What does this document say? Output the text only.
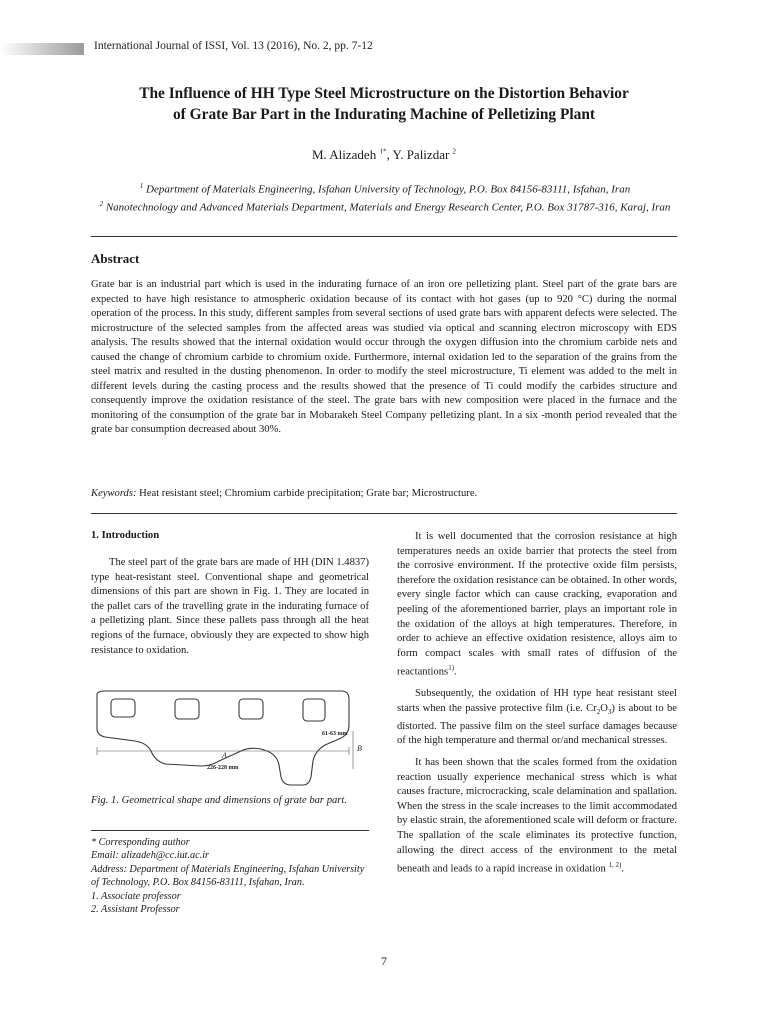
International Journal of ISSI, Vol. 13 (2016), No. 2, pp. 7-12
The Influence of HH Type Steel Microstructure on the Distortion Behavior
of Grate Bar Part in the Indurating Machine of Pelletizing Plant
M. Alizadeh $^{1*}$, Y. Palizdar $^2$
$^1$ Department of Materials Engineering, Isfahan University of Technology, P.O. Box 84156-83111, Isfahan, Iran
$^2$ Nanotechnology and Advanced Materials Department, Materials and Energy Research Center, P.O. Box 31787-316, Karaj, Iran
Abstract
Grate bar is an industrial part which is used in the indurating furnace of an iron ore pelletizing plant. Steel part of the grate bars are expected to have high resistance to atmospheric oxidation because of its contact with hot gases (up to 920 °C) during the normal operation of the process. In this study, different samples from several sections of used grate bars with apparent defects were selected. The microstructure of the selected samples from the affected areas was studied via optical and scanning electron microscopy with EDS analysis. The results showed that the internal oxidation would occur through the oxygen diffusion into the chromium carbide nets and caused the change of chromium carbide to chromium oxide. Furthermore, internal oxidation led to the separation of the grains from the steel matrix and resulted in the dusting phenomenon. In order to modify the steel microstructure, Ti element was added to the melt in different levels during the casting process and the results showed that the presence of Ti could modify the carbides structure and consequently improve the oxidation resistance of the steel. The grate bars with new composition were placed in the furnace and the monitoring of the consumption of the grate bar in Mobarakeh Steel Company pelletizing plant. In a six -month period revealed that the grate bar consumption decreased about 30%.
Keywords: Heat resistant steel; Chromium carbide precipitation; Grate bar; Microstructure.
1. Introduction

The steel part of the grate bars are made of HH (DIN 1.4837) type heat-resistant steel. Conventional shape and geometrical dimensions of this part are shown in Fig. 1. They are located in the pallet cars of the travelling grate in the indurating furnace of a pelletizing plant. Since these pallets pass through all the heat regions of the furnace, obviously they are expected to show high resistance to oxidation.

A
226-228 mm
61-63 mm
B
Fig. 1. Geometrical shape and dimensions of grate bar part.
* Corresponding author
Email: alizadeh@cc.iut.ac.ir
Address: Department of Materials Engineering, Isfahan University of Technology, P.O. Box 84156-83111, Isfahan, Iran.
1. Associate professor
2. Assistant Professor

It is well documented that the corrosion resistance at high temperatures needs an oxide barrier that protects the steel from the corrosive environment. If the protective oxide film persists, therefore the oxidation resistance can be obtained. In other words, every single factor which can cause cracking, evaporation and peeling of the aforementioned barrier, plays an important role in the oxidation of the alloys at high temperatures. Therefore, in order to achieve an effective oxidation resistence, alloys aim to form compact scales with small rates of diffusion of the reactantions$^{1)}$.

Subsequently, the oxidation of HH type heat resistant steel starts when the passive protective film (i.e. $Cr_2O_3$) is about to be distorted. The passive film on the steel surface damages because of the high temperature and thermal or/and mechanical stresses.

It has been shown that the scales formed from the oxidation reaction usually experience mechanical stress which is what causes fracture, microcracking, scale delamination and spallation. When the stress in the scale increases to the limit accommodated by elastic strain, the aforementioned scale will deform or fracture. The spallation of the scale eliminates its protective function, allowing the direct access of the environment to the metal beneath and leads to a rapid increase in oxidation $^{1, 2)}$.

7
